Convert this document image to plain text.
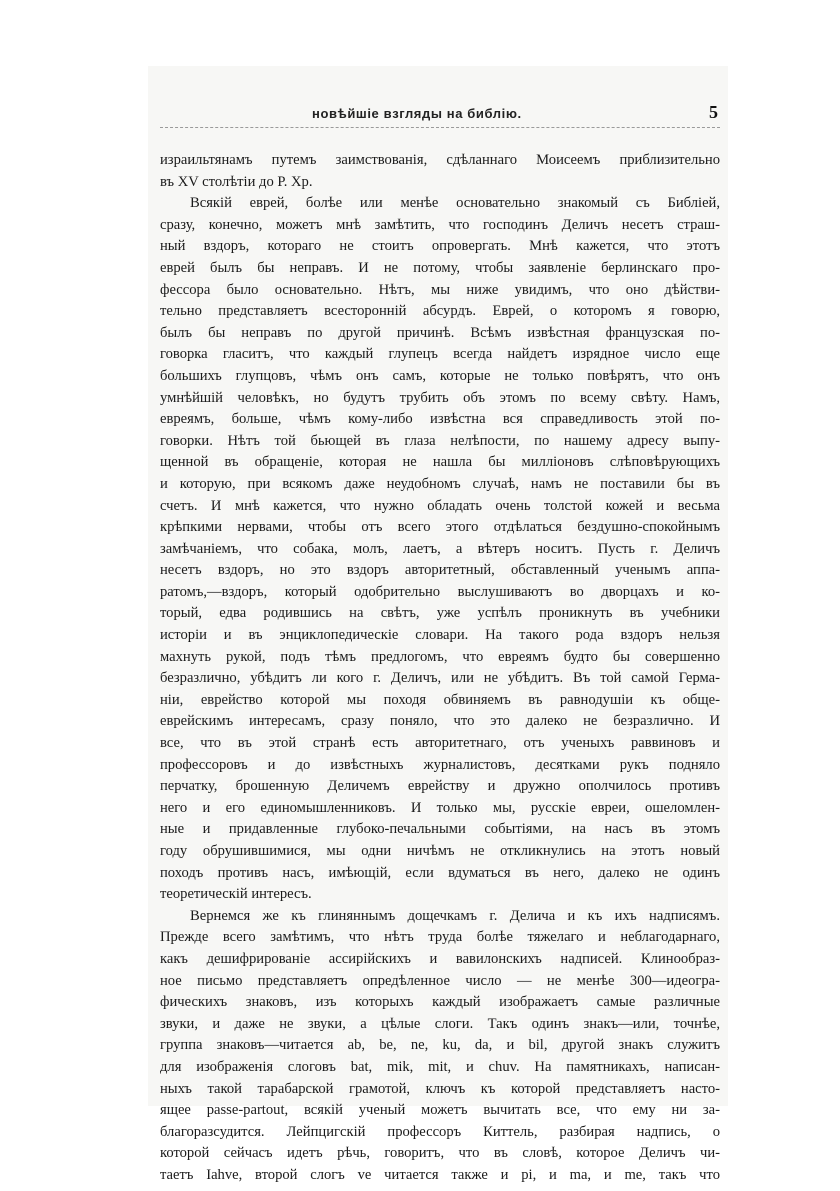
новѣйшіе взгляды на библію.	5
израильтянамъ путемъ заимствованія, сдѣланнаго Моисеемъ приблизительно
въ XV столѣтіи до Р. Хр.
Всякій еврей, болѣе или менѣе основательно знакомый съ Библіей,
сразу, конечно, можетъ мнѣ замѣтить, что господинъ Деличъ несетъ страш-
ный вздоръ, котораго не стоитъ опровергать. Мнѣ кажется, что этотъ
еврей былъ бы неправъ. И не потому, чтобы заявленіе берлинскаго про-
фессора было основательно. Нѣтъ, мы ниже увидимъ, что оно дѣйстви-
тельно представляетъ всесторонній абсурдъ. Еврей, о которомъ я говорю,
былъ бы неправъ по другой причинѣ. Всѣмъ извѣстная французская по-
говорка гласитъ, что каждый глупецъ всегда найдетъ изрядное число еще
большихъ глупцовъ, чѣмъ онъ самъ, которые не только повѣрятъ, что онъ
умнѣйшій человѣкъ, но будутъ трубить объ этомъ по всему свѣту. Намъ,
евреямъ, больше, чѣмъ кому-либо извѣстна вся справедливость этой по-
говорки. Нѣтъ той бьющей въ глаза нелѣпости, по нашему адресу выпу-
щенной въ обращеніе, которая не нашла бы милліоновъ слѣповѣрующихъ
и которую, при всякомъ даже неудобномъ случаѣ, намъ не поставили бы въ
счетъ. И мнѣ кажется, что нужно обладать очень толстой кожей и весьма
крѣпкими нервами, чтобы отъ всего этого отдѣлаться бездушно-спокойнымъ
замѣчаніемъ, что собака, молъ, лаетъ, а вѣтеръ носитъ. Пусть г. Деличъ
несетъ вздоръ, но это вздоръ авторитетный, обставленный ученымъ аппа-
ратомъ,—вздоръ, который одобрительно выслушиваютъ во дворцахъ и ко-
торый, едва родившись на свѣтъ, уже успѣлъ проникнуть въ учебники
исторіи и въ энциклопедическіе словари. На такого рода вздоръ нельзя
махнуть рукой, подъ тѣмъ предлогомъ, что евреямъ будто бы совершенно
безразлично, убѣдитъ ли кого г. Деличъ, или не убѣдитъ. Въ той самой Герма-
ніи, еврейство которой мы походя обвиняемъ въ равнодушіи къ обще-
еврейскимъ интересамъ, сразу поняло, что это далеко не безразлично. И
все, что въ этой странѣ есть авторитетнаго, отъ ученыхъ раввиновъ и
профессоровъ и до извѣстныхъ журналистовъ, десятками рукъ подняло
перчатку, брошенную Деличемъ еврейству и дружно ополчилось противъ
него и его единомышленниковъ. И только мы, русскіе евреи, ошеломлен-
ные и придавленные глубоко-печальными событіями, на насъ въ этомъ
году обрушившимися, мы одни ничѣмъ не откликнулись на этотъ новый
походъ противъ насъ, имѣющій, если вдуматься въ него, далеко не одинъ
теоретическій интересъ.
Вернемся же къ глиняннымъ дощечкамъ г. Делича и къ ихъ надписямъ.
Прежде всего замѣтимъ, что нѣтъ труда болѣе тяжелаго и неблагодарнаго,
какъ дешифрированіе ассирійскихъ и вавилонскихъ надписей. Клинообраз-
ное письмо представляетъ опредѣленное число — не менѣе 300—идеогра-
фическихъ знаковъ, изъ которыхъ каждый изображаетъ самые различные
звуки, и даже не звуки, а цѣлые слоги. Такъ одинъ знакъ—или, точнѣе,
группа знаковъ—читается ab, be, ne, ku, da, и bil, другой знакъ служитъ
для изображенія слоговъ bat, mik, mit, и chuv. На памятникахъ, написан-
ныхъ такой тарабарской грамотой, ключъ къ которой представляетъ насто-
ящее passe-partout, всякій ученый можетъ вычитать все, что ему ни за-
благоразсудится. Лейпцигскій профессоръ Киттель, разбирая надпись, о
которой сейчасъ идетъ рѣчь, говоритъ, что въ словѣ, которое Деличъ чи-
таетъ Iahve, второй слогъ ve читается также и pi, и ma, и me, такъ что
